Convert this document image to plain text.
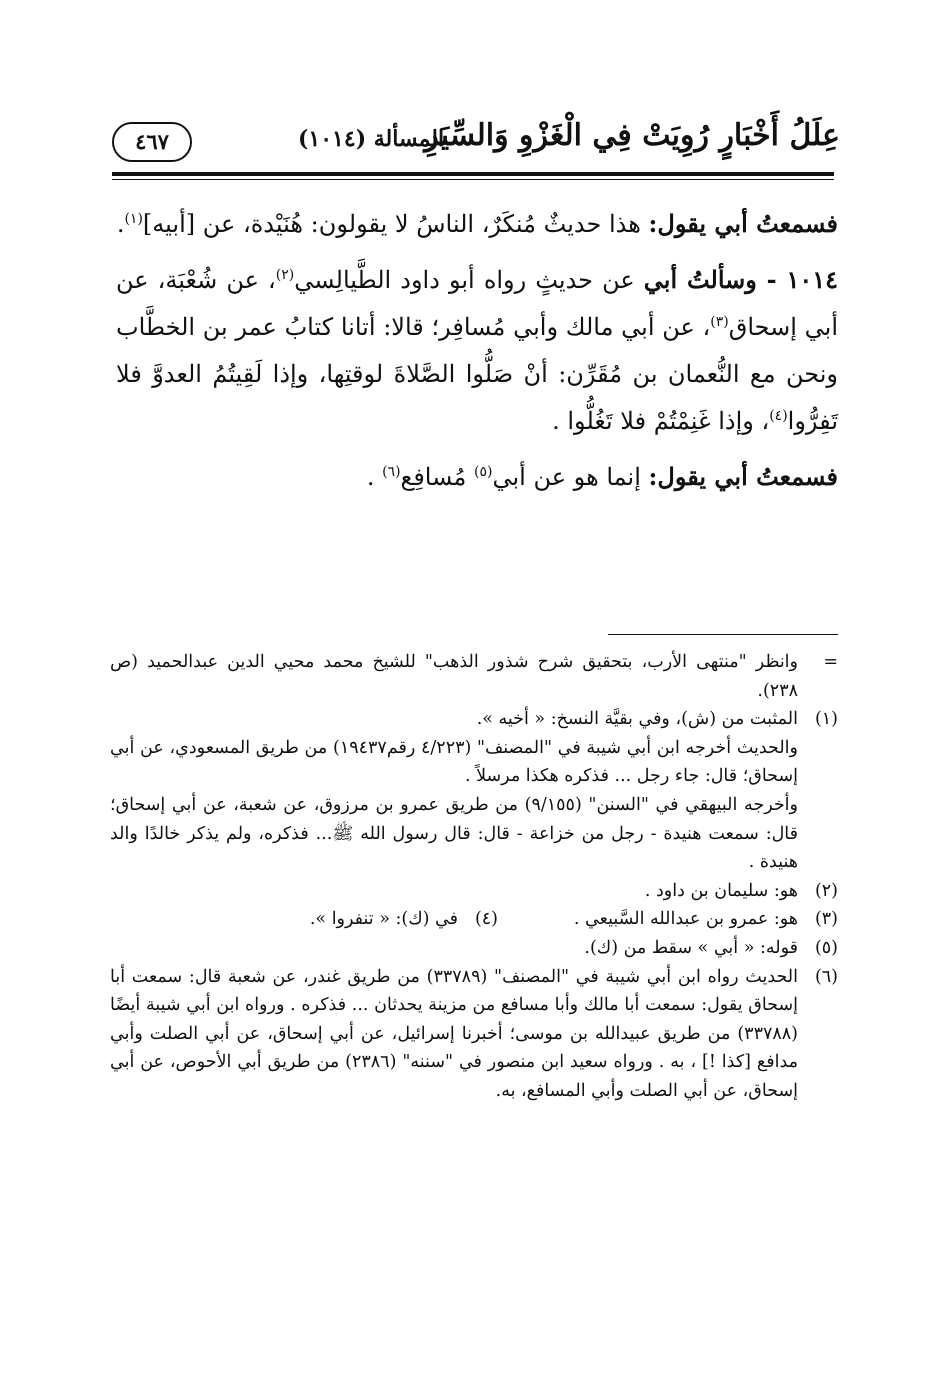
عِلَلُ أَخْبَارٍ رُوِيَتْ فِي الْغَزْوِ وَالسِّيَرِ
المسألة (١٠١٤)
٤٦٧

فسمعتُ أبي يقول: هذا حديثٌ مُنكَرٌ، الناسُ لا يقولون: هُنَيْدة، عن [أبيه]$^{(١)}$.

١٠١٤ - وسألتُ أبي عن حديثٍ رواه أبو داود الطَّيالِسي$^{(٢)}$، عن شُعْبَة، عن أبي إسحاق$^{(٣)}$، عن أبي مالك وأبي مُسافِر؛ قالا: أتانا كتابُ عمر بن الخطَّاب ونحن مع النُّعمان بن مُقَرِّن: أنْ صَلُّوا الصَّلاةَ لوقتِها، وإذا لَقِيتُمُ العدوَّ فلا تَفِرُّوا$^{(٤)}$، وإذا غَنِمْتُمْ فلا تَغُلُّوا .

فسمعتُ أبي يقول: إنما هو عن أبي$^{(٥)}$ مُسافِع$^{(٦)}$ .

=

وانظر "منتهى الأرب، بتحقيق شرح شذور الذهب" للشيخ محمد محيي الدين عبدالحميد (ص ٢٣٨).

(١)

المثبت من (ش)، وفي بقيَّة النسخ: « أخيه ».

والحديث أخرجه ابن أبي شيبة في "المصنف" (٤/٢٢٣ رقم١٩٤٣٧) من طريق المسعودي، عن أبي إسحاق؛ قال: جاء رجل ... فذكره هكذا مرسلاً .

وأخرجه البيهقي في "السنن" (٩/١٥٥) من طريق عمرو بن مرزوق، عن شعبة، عن أبي إسحاق؛ قال: سمعت هنيدة - رجل من خزاعة - قال: قال رسول الله ﷺ... فذكره، ولم يذكر خالدًا والد هنيدة .

(٢)

هو: سليمان بن داود .

(٣)

هو: عمرو بن عبدالله السَّبيعي .

(٤)

في (ك): « تنفروا ».

(٥)

قوله: « أبي » سقط من (ك).

(٦)

الحديث رواه ابن أبي شيبة في "المصنف" (٣٣٧٨٩) من طريق غندر، عن شعبة قال: سمعت أبا إسحاق يقول: سمعت أبا مالك وأبا مسافع من مزينة يحدثان ... فذكره . ورواه ابن أبي شيبة أيضًا (٣٣٧٨٨) من طريق عبيدالله بن موسى؛ أخبرنا إسرائيل، عن أبي إسحاق، عن أبي الصلت وأبي مدافع [كذا !] ، به . ورواه سعيد ابن منصور في "سننه" (٢٣٨٦) من طريق أبي الأحوص، عن أبي إسحاق، عن أبي الصلت وأبي المسافع، به.
